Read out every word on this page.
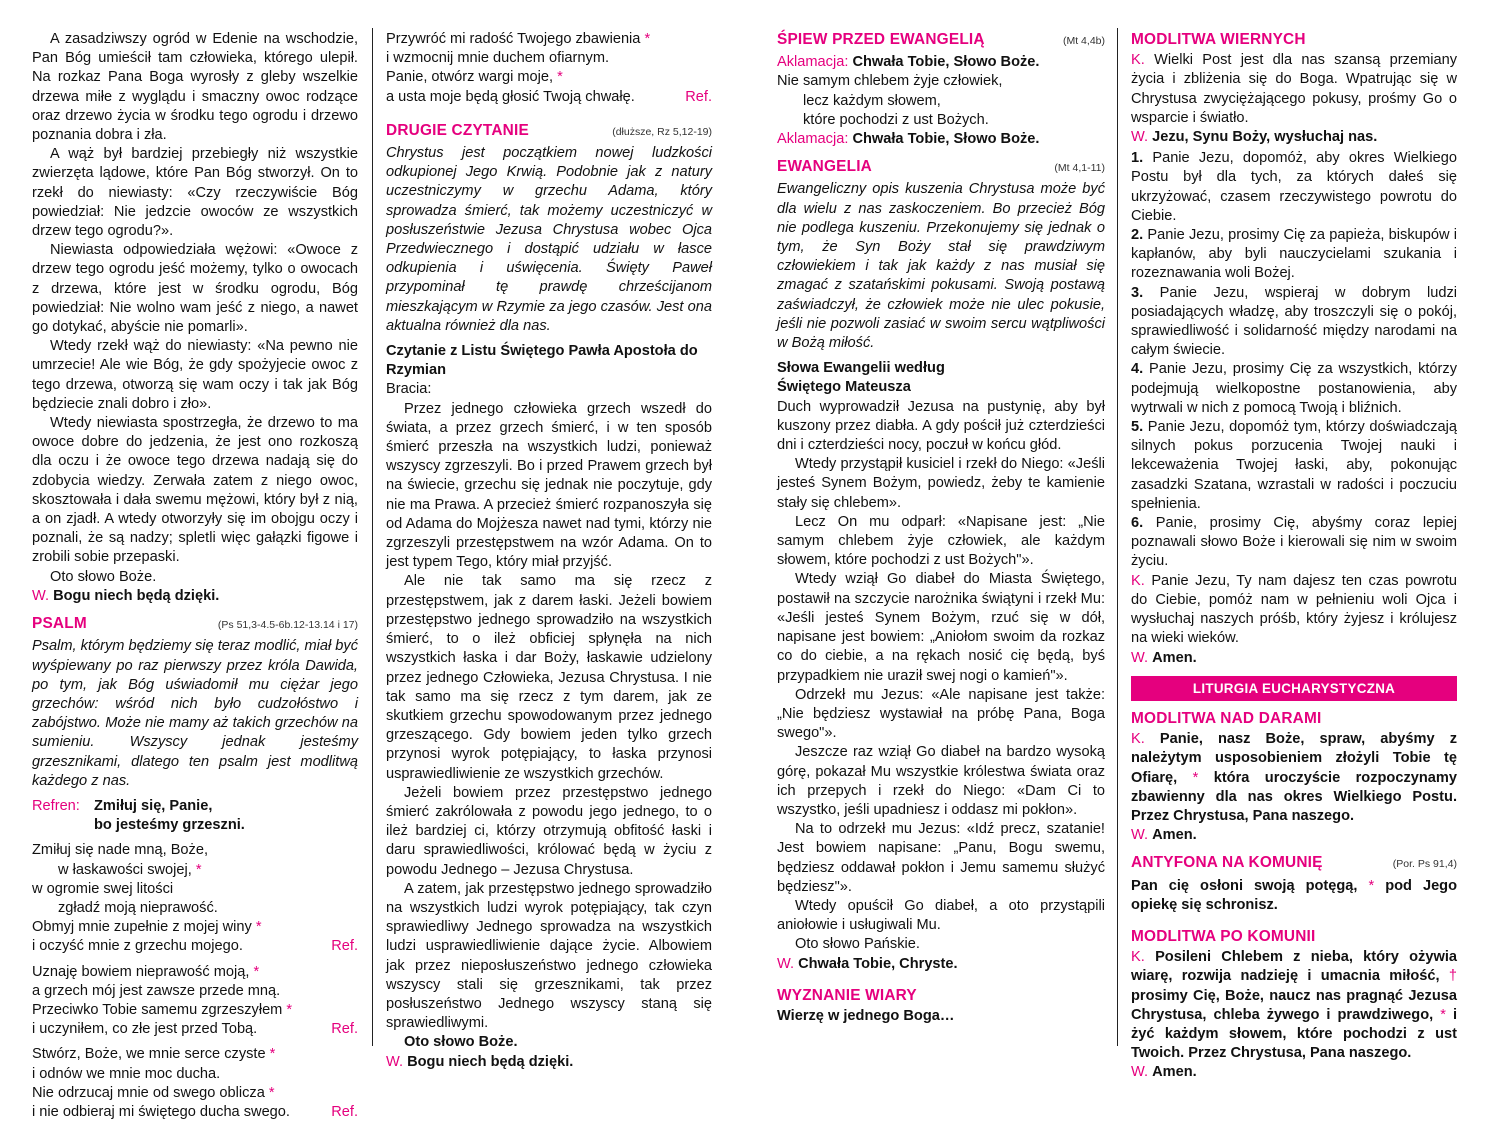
A zasadziwszy ogród w Edenie na wschodzie, Pan Bóg umieścił tam człowieka, którego ulepił. Na rozkaz Pana Boga wyrosły z gleby wszelkie drzewa miłe z wyglądu i smaczny owoc rodzące oraz drzewo życia w środku tego ogrodu i drzewo poznania dobra i zła.

A wąż był bardziej przebiegły niż wszystkie zwierzęta lądowe, które Pan Bóg stworzył. On to rzekł do niewiasty: «Czy rzeczywiście Bóg powiedział: Nie jedzcie owoców ze wszystkich drzew tego ogrodu?».

Niewiasta odpowiedziała wężowi: «Owoce z drzew tego ogrodu jeść możemy, tylko o owocach z drzewa, które jest w środku ogrodu, Bóg powiedział: Nie wolno wam jeść z niego, a nawet go dotykać, abyście nie pomarli».

Wtedy rzekł wąż do niewiasty: «Na pewno nie umrzecie! Ale wie Bóg, że gdy spożyjecie owoc z tego drzewa, otworzą się wam oczy i tak jak Bóg będziecie znali dobro i zło».

Wtedy niewiasta spostrzegła, że drzewo to ma owoce dobre do jedzenia, że jest ono rozkoszą dla oczu i że owoce tego drzewa nadają się do zdobycia wiedzy. Zerwała zatem z niego owoc, skosztowała i dała swemu mężowi, który był z nią, a on zjadł. A wtedy otworzyły się im obojgu oczy i poznali, że są nadzy; spletli więc gałązki figowe i zrobili sobie przepaski.

Oto słowo Boże.

W. Bogu niech będą dzięki.

PSALM	(Ps 51,3-4.5-6b.12-13.14 i 17)

Psalm, którym będziemy się teraz modlić, miał być wyśpiewany po raz pierwszy przez króla Dawida, po tym, jak Bóg uświadomił mu ciężar jego grzechów: wśród nich było cudzołóstwo i zabójstwo. Może nie mamy aż takich grzechów na sumieniu. Wszyscy jednak jesteśmy grzesznikami, dlatego ten psalm jest modlitwą każdego z nas.

Refren: Zmiłuj się, Panie,

bo jesteśmy grzeszni.

Zmiłuj się nade mną, Boże,
w łaskawości swojej, *
w ogromie swej litości
zgładź moją nieprawość.
Obmyj mnie zupełnie z mojej winy *
i oczyść mnie z grzechu mojego.	Ref.
Uznaję bowiem nieprawość moją, *
a grzech mój jest zawsze przede mną.
Przeciwko Tobie samemu zgrzeszyłem *
i uczyniłem, co złe jest przed Tobą.	Ref.
Stwórz, Boże, we mnie serce czyste *
i odnów we mnie moc ducha.
Nie odrzucaj mnie od swego oblicza *
i nie odbieraj mi świętego ducha swego.	Ref.
Przywróć mi radość Twojego zbawienia *
i wzmocnij mnie duchem ofiarnym.
Panie, otwórz wargi moje, *
a usta moje będą głosić Twoją chwałę.	Ref.
DRUGIE CZYTANIE	(dłuższe, Rz 5,12-19)

Chrystus jest początkiem nowej ludzkości odkupionej Jego Krwią. Podobnie jak z natury uczestniczymy w grzechu Adama, który sprowadza śmierć, tak możemy uczestniczyć w posłuszeństwie Jezusa Chrystusa wobec Ojca Przedwiecznego i dostąpić udziału w łasce odkupienia i uświęcenia. Święty Paweł przypominał tę prawdę chrześcijanom mieszkającym w Rzymie za jego czasów. Jest ona aktualna również dla nas.

Czytanie z Listu Świętego Pawła Apostoła do Rzymian

Bracia:

Przez jednego człowieka grzech wszedł do świata, a przez grzech śmierć, i w ten sposób śmierć przeszła na wszystkich ludzi, ponieważ wszyscy zgrzeszyli. Bo i przed Prawem grzech był na świecie, grzechu się jednak nie poczytuje, gdy nie ma Prawa. A przecież śmierć rozpanoszyła się od Adama do Mojżesza nawet nad tymi, którzy nie zgrzeszyli przestępstwem na wzór Adama. On to jest typem Tego, który miał przyjść.

Ale nie tak samo ma się rzecz z przestępstwem, jak z darem łaski. Jeżeli bowiem przestępstwo jednego sprowadziło na wszystkich śmierć, to o ileż obficiej spłynęła na nich wszystkich łaska i dar Boży, łaskawie udzielony przez jednego Człowieka, Jezusa Chrystusa. I nie tak samo ma się rzecz z tym darem, jak ze skutkiem grzechu spowodowanym przez jednego grzeszącego. Gdy bowiem jeden tylko grzech przynosi wyrok potępiający, to łaska przynosi usprawiedliwienie ze wszystkich grzechów.

Jeżeli bowiem przez przestępstwo jednego śmierć zakrólowała z powodu jego jednego, to o ileż bardziej ci, którzy otrzymują obfitość łaski i daru sprawiedliwości, królować będą w życiu z powodu Jednego – Jezusa Chrystusa.

A zatem, jak przestępstwo jednego sprowadziło na wszystkich ludzi wyrok potępiający, tak czyn sprawiedliwy Jednego sprowadza na wszystkich ludzi usprawiedliwienie dające życie. Albowiem jak przez nieposłuszeństwo jednego człowieka wszyscy stali się grzesznikami, tak przez posłuszeństwo Jednego wszyscy staną się sprawiedliwymi.

Oto słowo Boże.

W. Bogu niech będą dzięki.

ŚPIEW PRZED EWANGELIĄ	(Mt 4,4b)

Aklamacja: Chwała Tobie, Słowo Boże.

Nie samym chlebem żyje człowiek,

lecz każdym słowem,

które pochodzi z ust Bożych.

Aklamacja: Chwała Tobie, Słowo Boże.

EWANGELIA	(Mt 4,1-11)

Ewangeliczny opis kuszenia Chrystusa może być dla wielu z nas zaskoczeniem. Bo przecież Bóg nie podlega kuszeniu. Przekonujemy się jednak o tym, że Syn Boży stał się prawdziwym człowiekiem i tak jak każdy z nas musiał się zmagać z szatańskimi pokusami. Swoją postawą zaświadczył, że człowiek może nie ulec pokusie, jeśli nie pozwoli zasiać w swoim sercu wątpliwości w Bożą miłość.

Słowa Ewangelii według Świętego Mateusza

Duch wyprowadził Jezusa na pustynię, aby był kuszony przez diabła. A gdy pościł już czterdzieści dni i czterdzieści nocy, poczuł w końcu głód.

Wtedy przystąpił kusiciel i rzekł do Niego: «Jeśli jesteś Synem Bożym, powiedz, żeby te kamienie stały się chlebem».

Lecz On mu odparł: «Napisane jest: „Nie samym chlebem żyje człowiek, ale każdym słowem, które pochodzi z ust Bożych"».

Wtedy wziął Go diabeł do Miasta Świętego, postawił na szczycie narożnika świątyni i rzekł Mu: «Jeśli jesteś Synem Bożym, rzuć się w dół, napisane jest bowiem: „Aniołom swoim da rozkaz co do ciebie, a na rękach nosić cię będą, byś przypadkiem nie uraził swej nogi o kamień"».

Odrzekł mu Jezus: «Ale napisane jest także: „Nie będziesz wystawiał na próbę Pana, Boga swego"».

Jeszcze raz wziął Go diabeł na bardzo wysoką górę, pokazał Mu wszystkie królestwa świata oraz ich przepych i rzekł do Niego: «Dam Ci to wszystko, jeśli upadniesz i oddasz mi pokłon».

Na to odrzekł mu Jezus: «Idź precz, szatanie! Jest bowiem napisane: „Panu, Bogu swemu, będziesz oddawał pokłon i Jemu samemu służyć będziesz"».

Wtedy opuścił Go diabeł, a oto przystąpili aniołowie i usługiwali Mu.

Oto słowo Pańskie.

W. Chwała Tobie, Chryste.

WYZNANIE WIARY

Wierzę w jednego Boga…

MODLITWA WIERNYCH

K. Wielki Post jest dla nas szansą przemiany życia i zbliżenia się do Boga. Wpatrując się w Chrystusa zwyciężającego pokusy, prośmy Go o wsparcie i światło.

W. Jezu, Synu Boży, wysłuchaj nas.

1. Panie Jezu, dopomóż, aby okres Wielkiego Postu był dla tych, za których dałeś się ukrzyżować, czasem rzeczywistego powrotu do Ciebie.

2. Panie Jezu, prosimy Cię za papieża, biskupów i kapłanów, aby byli nauczycielami szukania i rozeznawania woli Bożej.

3. Panie Jezu, wspieraj w dobrym ludzi posiadających władzę, aby troszczyli się o pokój, sprawiedliwość i solidarność między narodami na całym świecie.

4. Panie Jezu, prosimy Cię za wszystkich, którzy podejmują wielkopostne postanowienia, aby wytrwali w nich z pomocą Twoją i bliźnich.

5. Panie Jezu, dopomóż tym, którzy doświadczają silnych pokus porzucenia Twojej nauki i lekceważenia Twojej łaski, aby, pokonując zasadzki Szatana, wzrastali w radości i poczuciu spełnienia.

6. Panie, prosimy Cię, abyśmy coraz lepiej poznawali słowo Boże i kierowali się nim w swoim życiu.

K. Panie Jezu, Ty nam dajesz ten czas powrotu do Ciebie, pomóż nam w pełnieniu woli Ojca i wysłuchaj naszych próśb, który żyjesz i królujesz na wieki wieków.

W. Amen.

LITURGIA EUCHARYSTYCZNA
MODLITWA NAD DARAMI

K. Panie, nasz Boże, spraw, abyśmy z należytym usposobieniem złożyli Tobie tę Ofiarę, * która uroczyście rozpoczynamy zbawienny dla nas okres Wielkiego Postu. Przez Chrystusa, Pana naszego.

W. Amen.

ANTYFONA NA KOMUNIĘ	(Por. Ps 91,4)

Pan cię osłoni swoją potęgą, * pod Jego opiekę się schronisz.

MODLITWA PO KOMUNII

K. Posileni Chlebem z nieba, który ożywia wiarę, rozwija nadzieję i umacnia miłość, † prosimy Cię, Boże, naucz nas pragnąć Jezusa Chrystusa, chleba żywego i prawdziwego, * i żyć każdym słowem, które pochodzi z ust Twoich. Przez Chrystusa, Pana naszego.

W. Amen.
